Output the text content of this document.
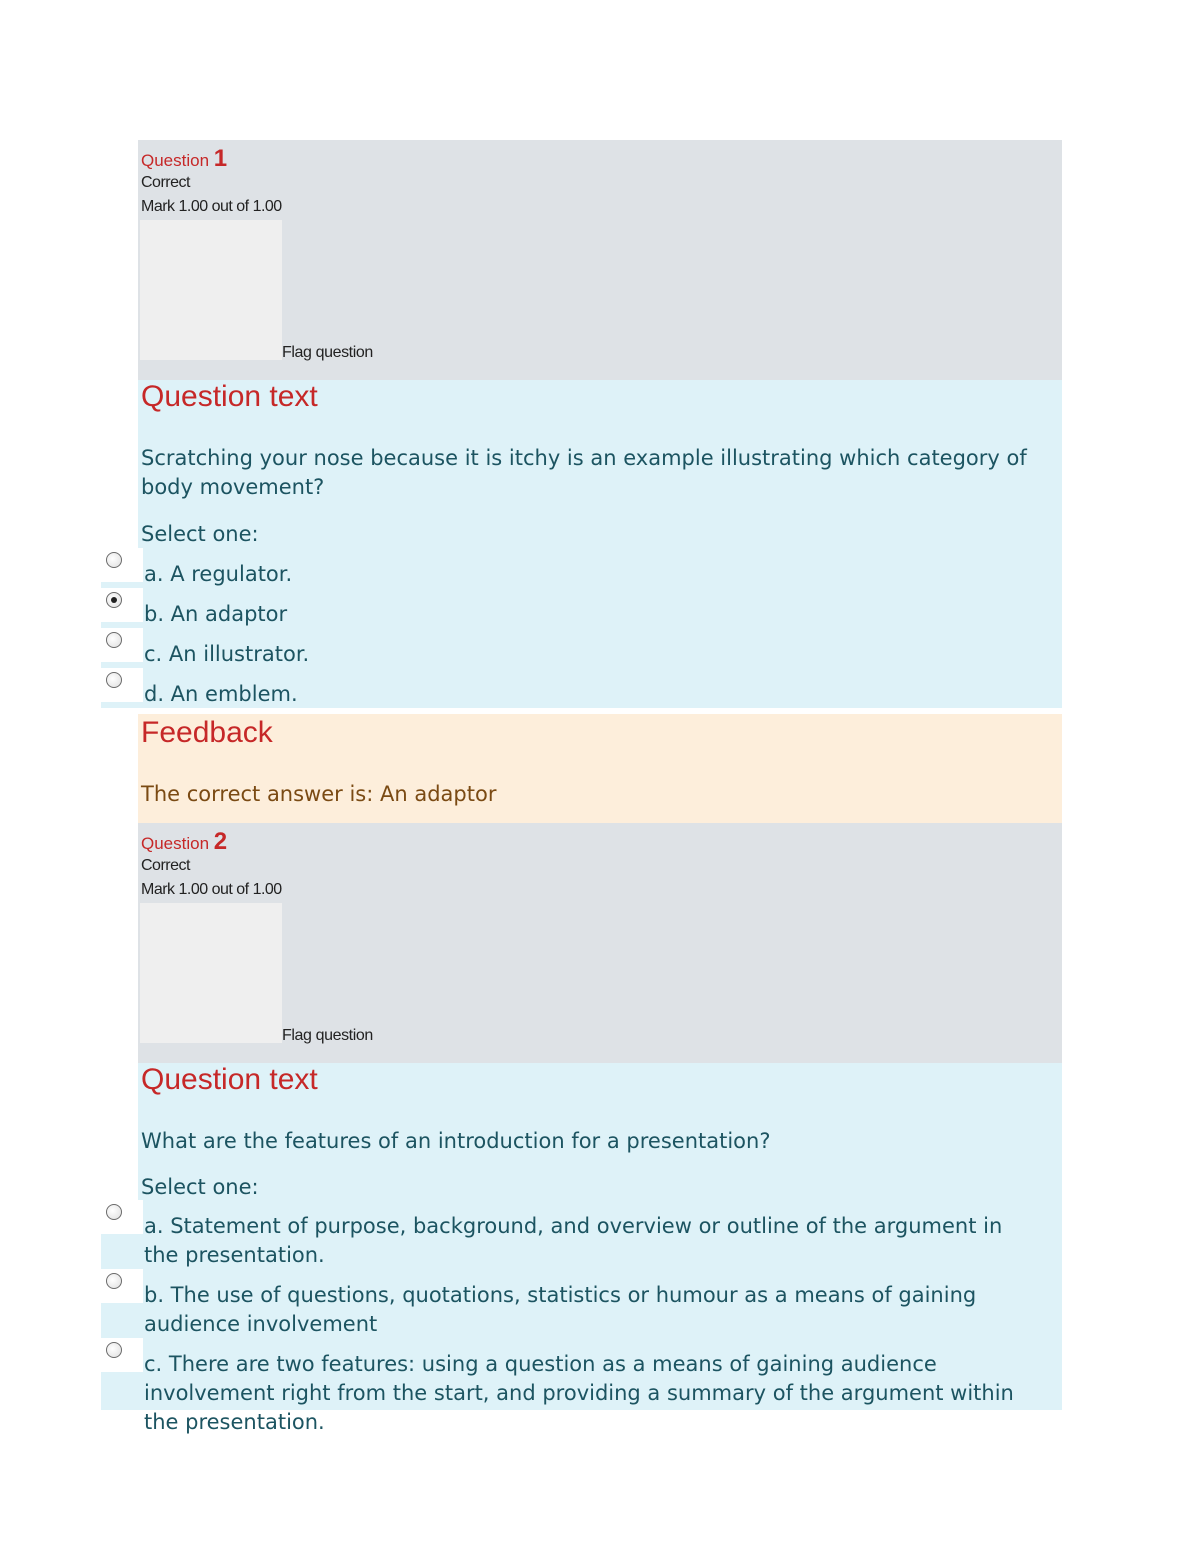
Question 1
Correct
Mark 1.00 out of 1.00
Flag question
Question text
Scratching your nose because it is itchy is an example illustrating which category of body movement?
Select one:
a. A regulator.
b. An adaptor
c. An illustrator.
d. An emblem.
Feedback
The correct answer is: An adaptor
Question 2
Correct
Mark 1.00 out of 1.00
Flag question
Question text
What are the features of an introduction for a presentation?
Select one:
a. Statement of purpose, background, and overview or outline of the argument in the presentation.
b. The use of questions, quotations, statistics or humour as a means of gaining audience involvement
c. There are two features: using a question as a means of gaining audience involvement right from the start, and providing a summary of the argument within the presentation.
